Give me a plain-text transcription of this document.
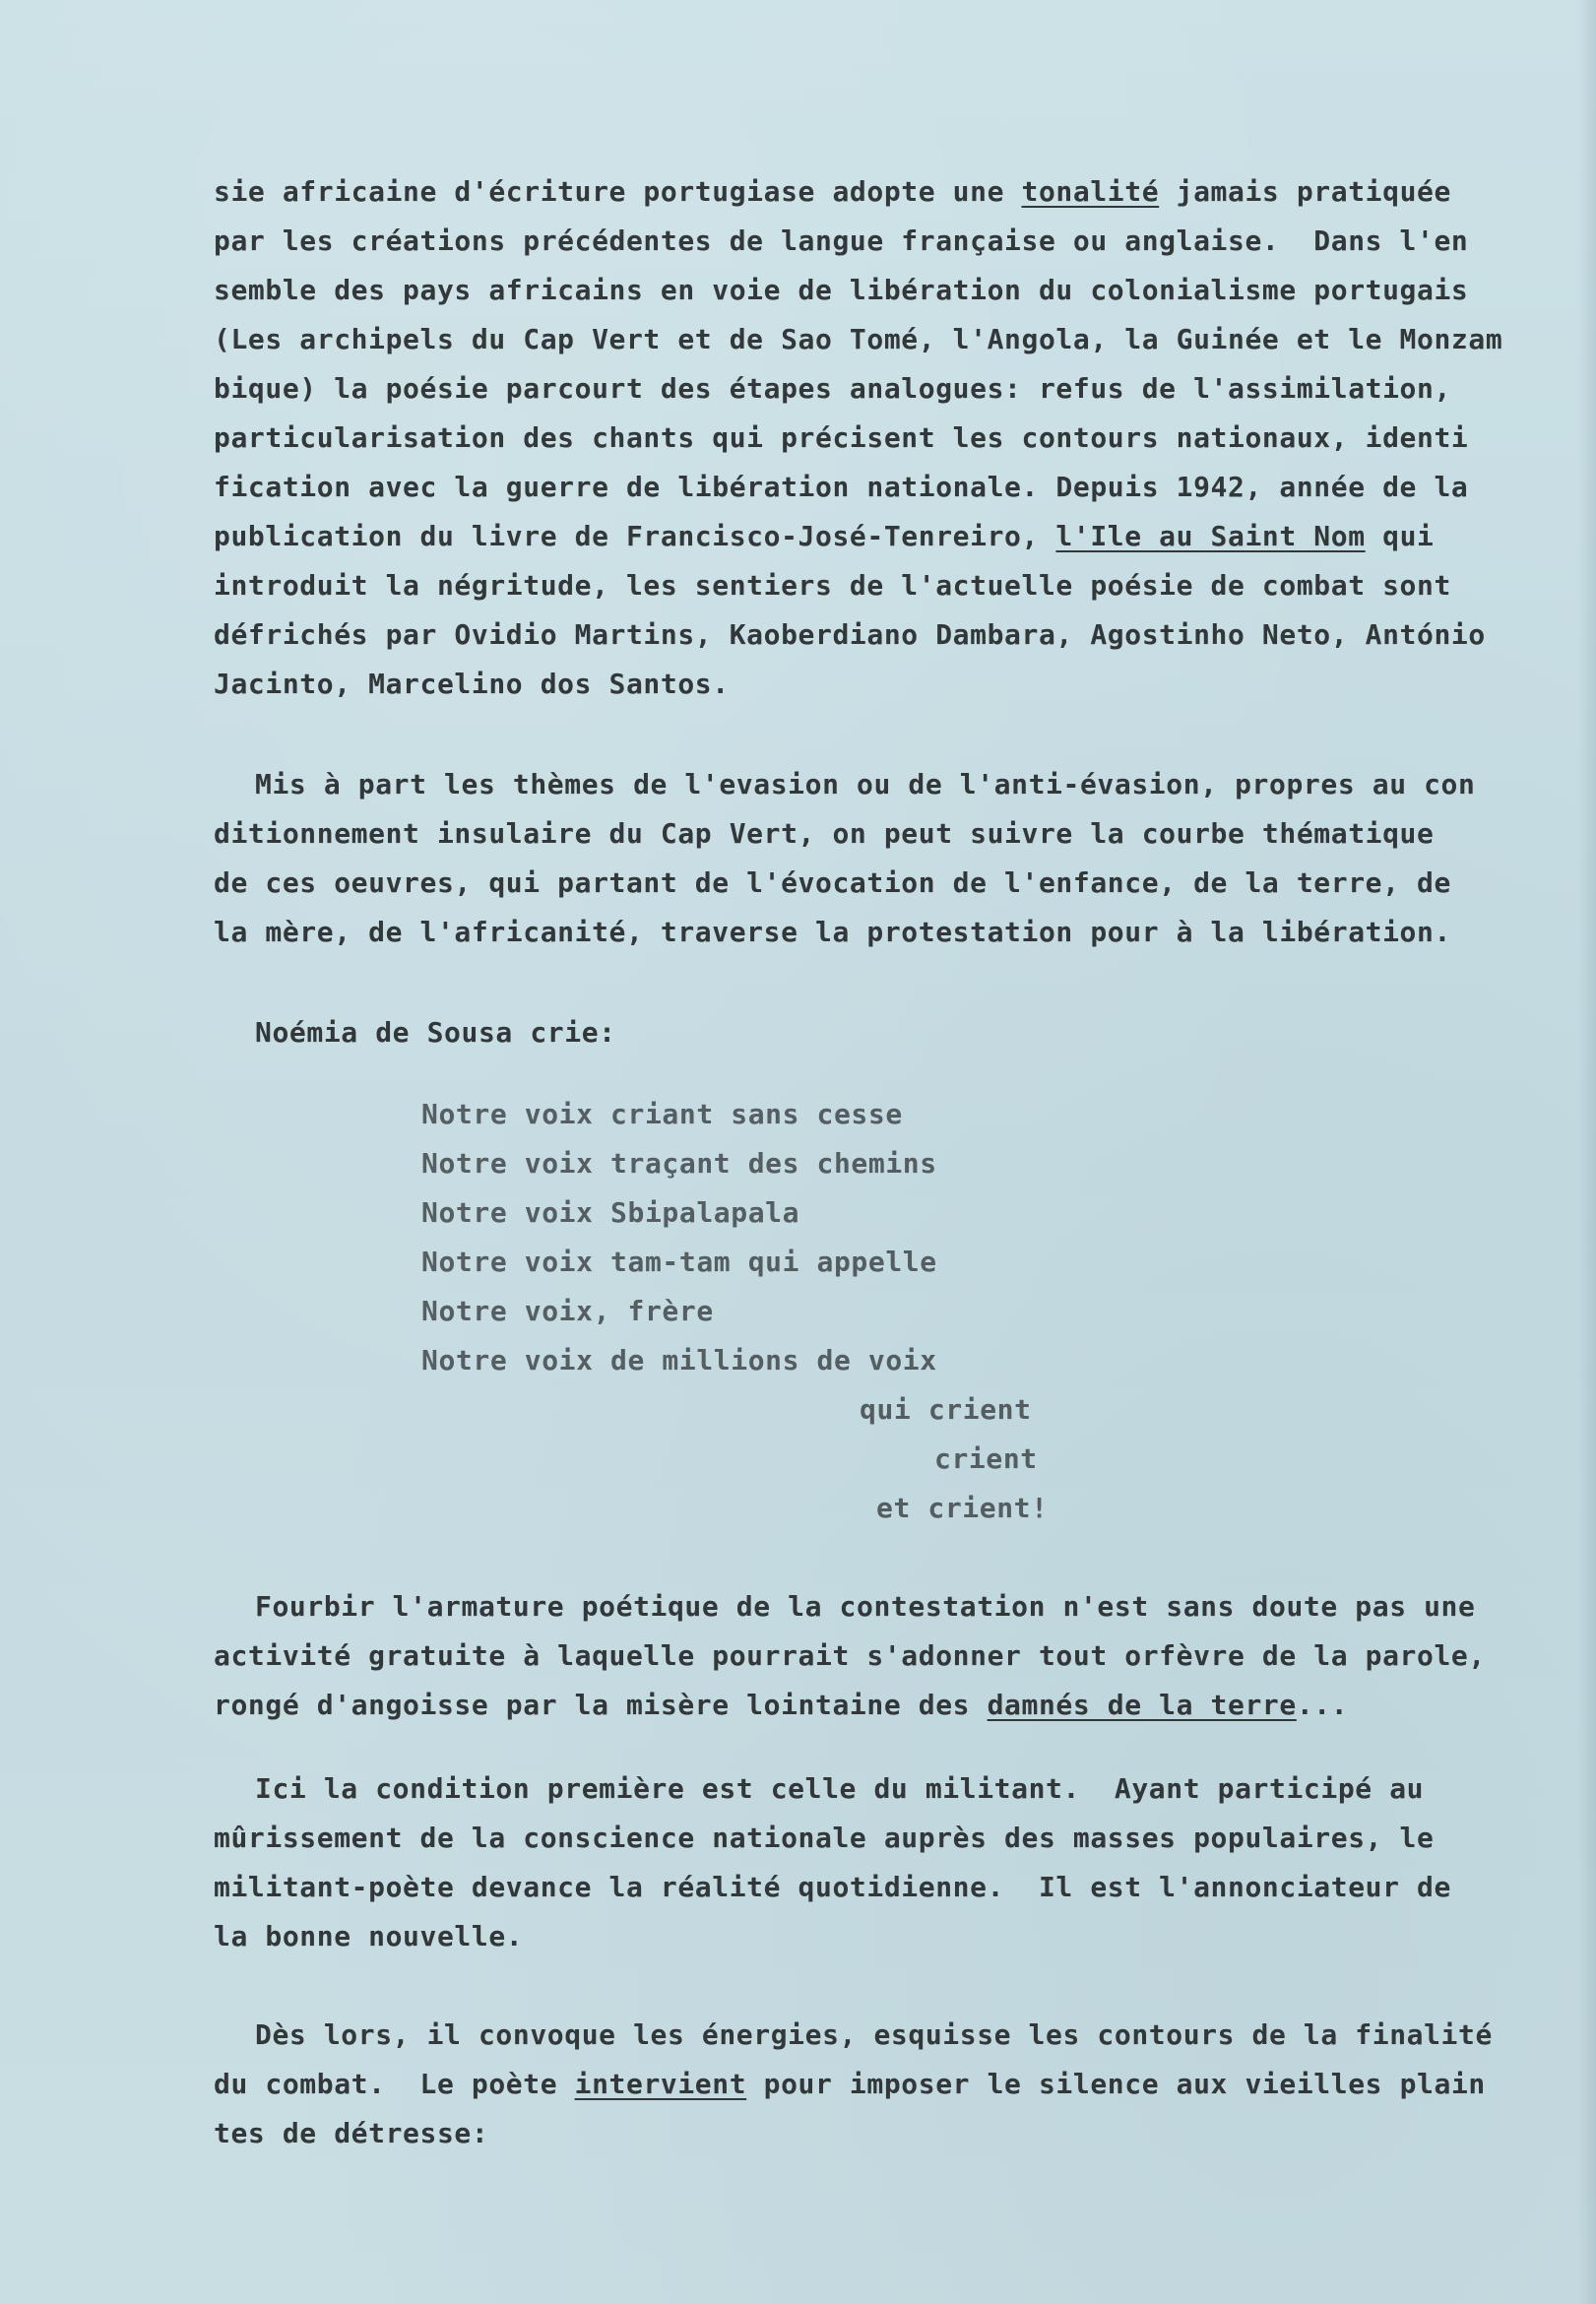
sie africaine d'écriture portugiase adopte une tonalité jamais pratiquée
par les créations précédentes de langue française ou anglaise.  Dans l'en
semble des pays africains en voie de libération du colonialisme portugais
(Les archipels du Cap Vert et de Sao Tomé, l'Angola, la Guinée et le Monzam
bique) la poésie parcourt des étapes analogues: refus de l'assimilation,
particularisation des chants qui précisent les contours nationaux, identi
fication avec la guerre de libération nationale. Depuis 1942, année de la
publication du livre de Francisco-José-Tenreiro, l'Ile au Saint Nom qui
introduit la négritude, les sentiers de l'actuelle poésie de combat sont
défrichés par Ovidio Martins, Kaoberdiano Dambara, Agostinho Neto, António
Jacinto, Marcelino dos Santos.
Mis à part les thèmes de l'evasion ou de l'anti-évasion, propres au con
ditionnement insulaire du Cap Vert, on peut suivre la courbe thématique
de ces oeuvres, qui partant de l'évocation de l'enfance, de la terre, de
la mère, de l'africanité, traverse la protestation pour à la libération.
Noémia de Sousa crie:
Notre voix criant sans cesse
Notre voix traçant des chemins
Notre voix Sbipalapala
Notre voix tam-tam qui appelle
Notre voix, frère
Notre voix de millions de voix
qui crient
crient
et crient!
Fourbir l'armature poétique de la contestation n'est sans doute pas une
activité gratuite à laquelle pourrait s'adonner tout orfèvre de la parole,
rongé d'angoisse par la misère lointaine des damnés de la terre...
Ici la condition première est celle du militant.  Ayant participé au
mûrissement de la conscience nationale auprès des masses populaires, le
militant-poète devance la réalité quotidienne.  Il est l'annonciateur de
la bonne nouvelle.
Dès lors, il convoque les énergies, esquisse les contours de la finalité
du combat.  Le poète intervient pour imposer le silence aux vieilles plain
tes de détresse:
